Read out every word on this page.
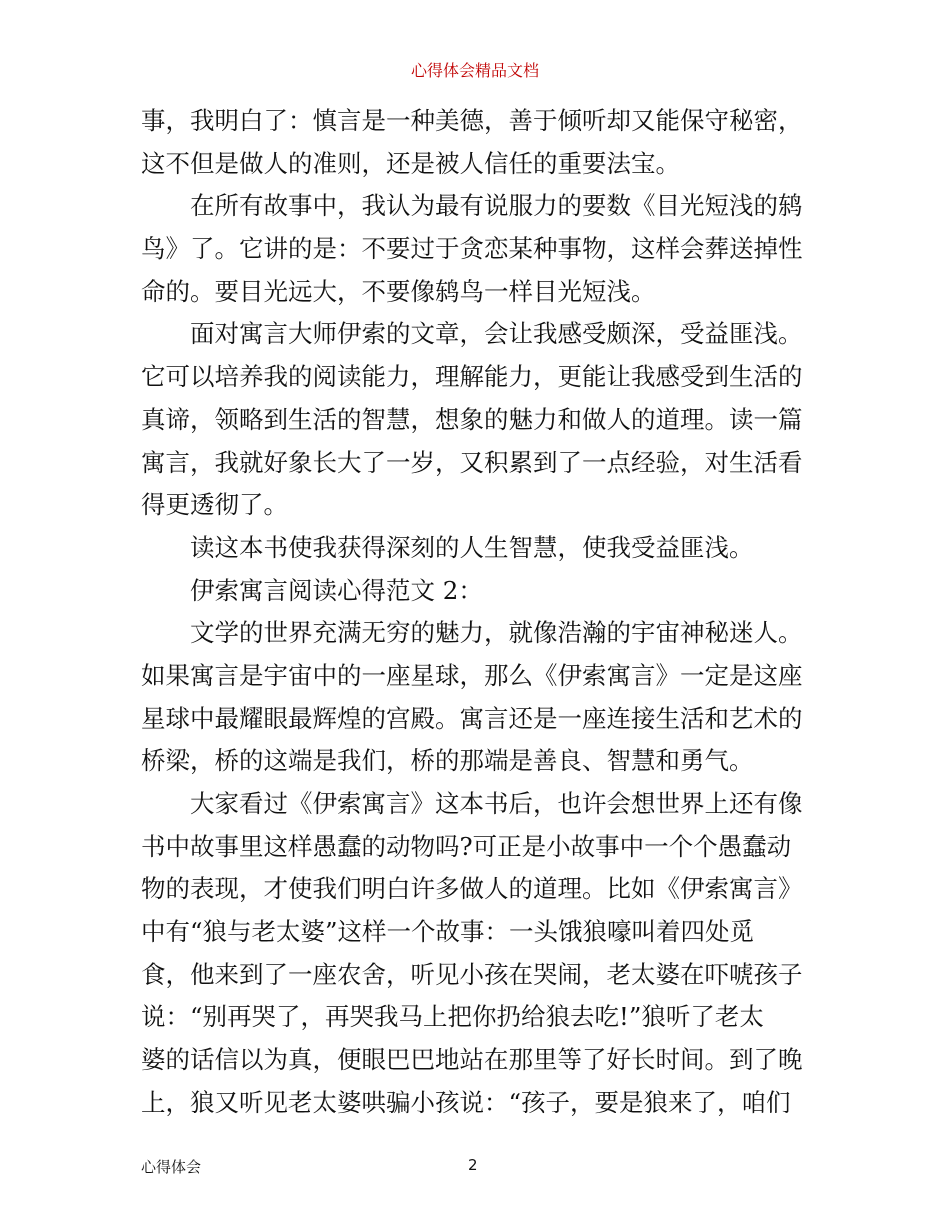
心得体会精品文档
事，我明白了：慎言是一种美德，善于倾听却又能保守秘密，
这不但是做人的准则，还是被人信任的重要法宝。
在所有故事中，我认为最有说服力的要数《目光短浅的鸫
鸟》了。它讲的是：不要过于贪恋某种事物，这样会葬送掉性
命的。要目光远大，不要像鸫鸟一样目光短浅。
面对寓言大师伊索的文章，会让我感受颇深，受益匪浅。
它可以培养我的阅读能力，理解能力，更能让我感受到生活的
真谛，领略到生活的智慧，想象的魅力和做人的道理。读一篇
寓言，我就好象长大了一岁，又积累到了一点经验，对生活看
得更透彻了。
读这本书使我获得深刻的人生智慧，使我受益匪浅。
伊索寓言阅读心得范文 2：
文学的世界充满无穷的魅力，就像浩瀚的宇宙神秘迷人。
如果寓言是宇宙中的一座星球，那么《伊索寓言》一定是这座
星球中最耀眼最辉煌的宫殿。寓言还是一座连接生活和艺术的
桥梁，桥的这端是我们，桥的那端是善良、智慧和勇气。
大家看过《伊索寓言》这本书后，也许会想世界上还有像
书中故事里这样愚蠢的动物吗?可正是小故事中一个个愚蠢动
物的表现，才使我们明白许多做人的道理。比如《伊索寓言》
中有“狼与老太婆”这样一个故事：一头饿狼嚎叫着四处觅
食，他来到了一座农舍，听见小孩在哭闹，老太婆在吓唬孩子
说：“别再哭了，再哭我马上把你扔给狼去吃!”狼听了老太
婆的话信以为真，便眼巴巴地站在那里等了好长时间。到了晚
上，狼又听见老太婆哄骗小孩说：“孩子，要是狼来了，咱们
心得体会	2
